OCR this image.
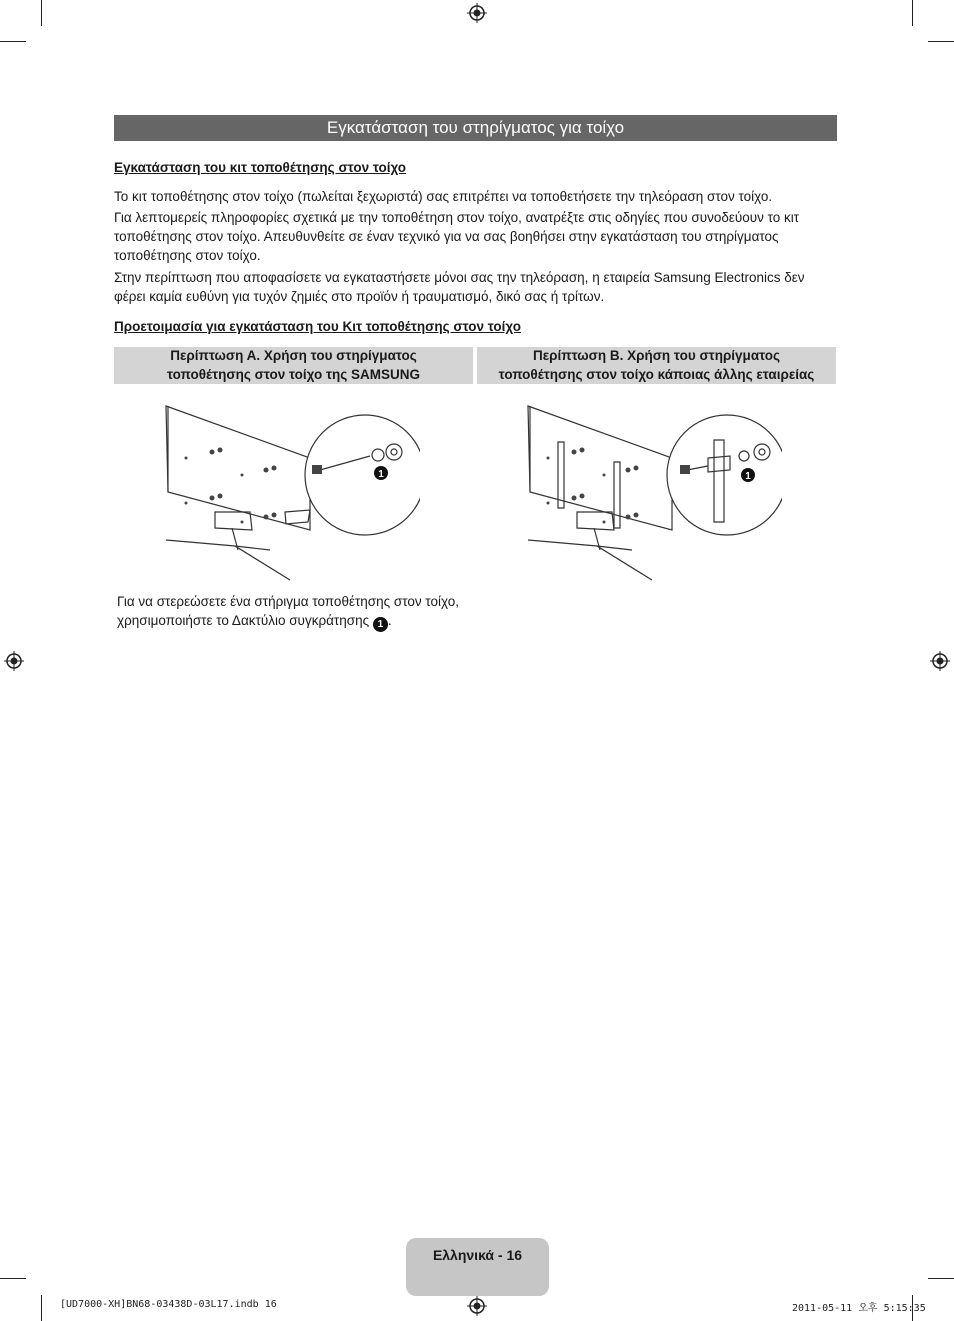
Εγκατάσταση του στηρίγματος για τοίχο
Εγκατάσταση του κιτ τοποθέτησης στον τοίχο
Το κιτ τοποθέτησης στον τοίχο (πωλείται ξεχωριστά) σας επιτρέπει να τοποθετήσετε την τηλεόραση στον τοίχο.
Για λεπτομερείς πληροφορίες σχετικά με την τοποθέτηση στον τοίχο, ανατρέξτε στις οδηγίες που συνοδεύουν το κιτ τοποθέτησης στον τοίχο. Απευθυνθείτε σε έναν τεχνικό για να σας βοηθήσει στην εγκατάσταση του στηρίγματος τοποθέτησης στον τοίχο.
Στην περίπτωση που αποφασίσετε να εγκαταστήσετε μόνοι σας την τηλεόραση, η εταιρεία Samsung Electronics δεν φέρει καμία ευθύνη για τυχόν ζημιές στο προϊόν ή τραυματισμό, δικό σας ή τρίτων.
Προετοιμασία για εγκατάσταση του Κιτ τοποθέτησης στον τοίχο
Περίπτωση Α. Χρήση του στηρίγματος
τοποθέτησης στον τοίχο της SAMSUNG
Περίπτωση Β. Χρήση του στηρίγματος
τοποθέτησης στον τοίχο κάποιας άλλης εταιρείας
1	1
Για να στερεώσετε ένα στήριγμα τοποθέτησης στον τοίχο, χρησιμοποιήστε το Δακτύλιο συγκράτησης 1 .
Ελληνικά - 16
[UD7000-XH]BN68-03438D-03L17.indb 16	2011-05-11 오후 5:15:35
